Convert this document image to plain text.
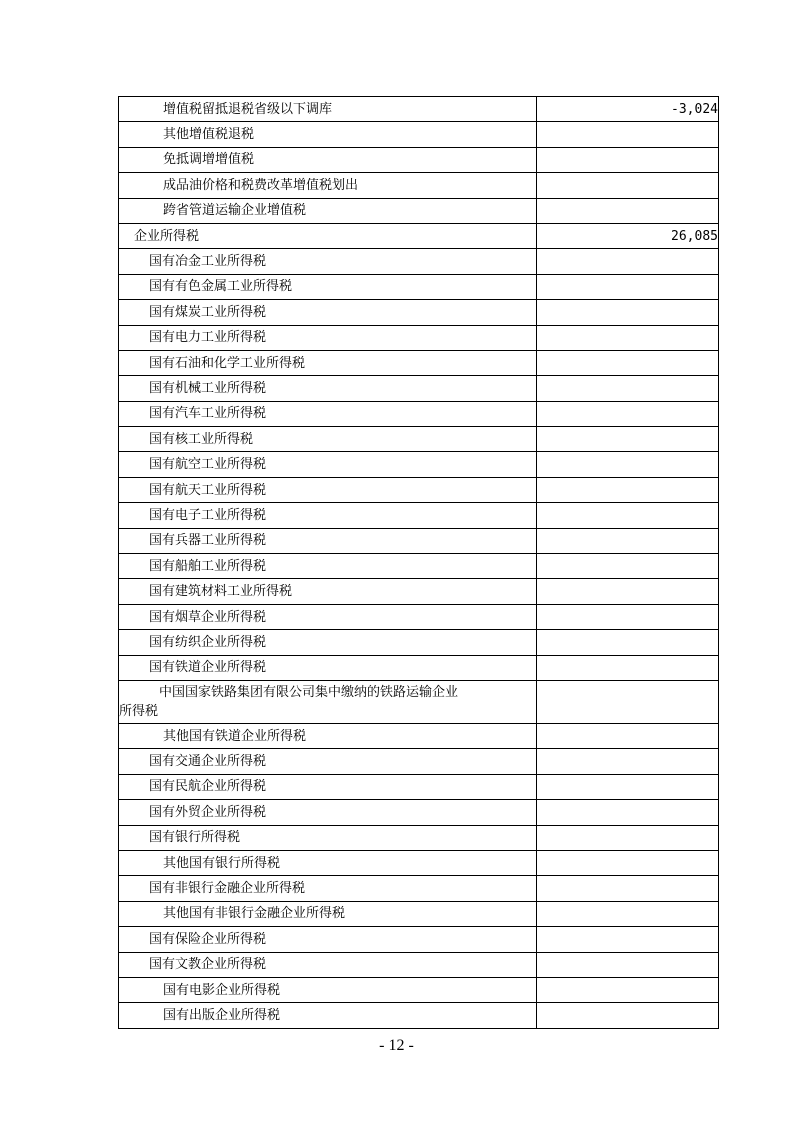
增值税留抵退税省级以下调库	-3,024
其他增值税退税	
免抵调增增值税	
成品油价格和税费改革增值税划出	
跨省管道运输企业增值税	
企业所得税	26,085
国有冶金工业所得税	
国有有色金属工业所得税	
国有煤炭工业所得税	
国有电力工业所得税	
国有石油和化学工业所得税	
国有机械工业所得税	
国有汽车工业所得税	
国有核工业所得税	
国有航空工业所得税	
国有航天工业所得税	
国有电子工业所得税	
国有兵器工业所得税	
国有船舶工业所得税	
国有建筑材料工业所得税	
国有烟草企业所得税	
国有纺织企业所得税	
国有铁道企业所得税	

中国国家铁路集团有限公司集中缴纳的铁路运输企业
所得税	

其他国有铁道企业所得税	
国有交通企业所得税	
国有民航企业所得税	
国有外贸企业所得税	
国有银行所得税	
其他国有银行所得税	
国有非银行金融企业所得税	
其他国有非银行金融企业所得税	
国有保险企业所得税	
国有文教企业所得税	
国有电影企业所得税	
国有出版企业所得税	
- 12 -
